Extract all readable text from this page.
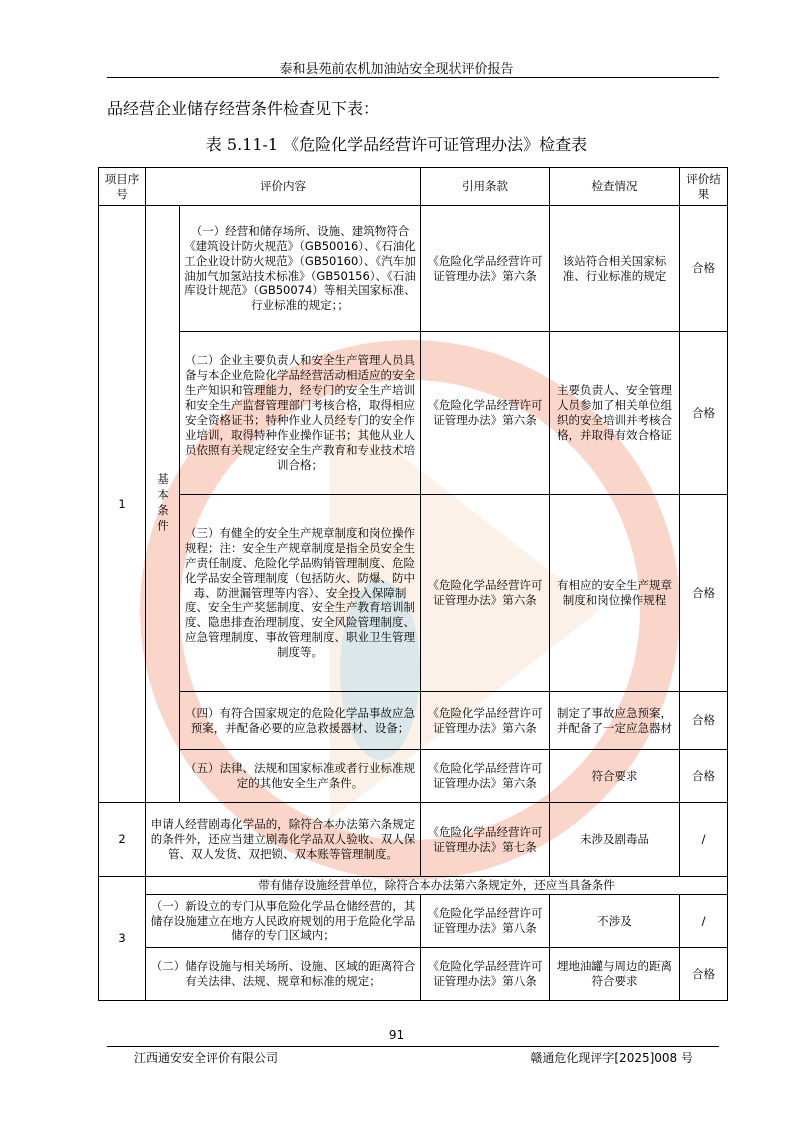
泰和县苑前农机加油站安全现状评价报告
品经营企业储存经营条件检查见下表：
表 5.11-1 《危险化学品经营许可证管理办法》检查表
项目序号	评价内容		引用条款	检查情况	评价结果
1	基本条件	（一）经营和储存场所、设施、建筑物符合《建筑设计防火规范》（GB50016）、《石油化工企业设计防火规范》（GB50160）、《汽车加油加气加氢站技术标准》（GB50156）、《石油库设计规范》（GB50074）等相关国家标准、行业标准的规定；；	《危险化学品经营许可证管理办法》第六条	该站符合相关国家标准、行业标准的规定	合格
		（二）企业主要负责人和安全生产管理人员具备与本企业危险化学品经营活动相适应的安全生产知识和管理能力，经专门的安全生产培训和安全生产监督管理部门考核合格，取得相应安全资格证书；特种作业人员经专门的安全作业培训，取得特种作业操作证书；其他从业人员依照有关规定经安全生产教育和专业技术培训合格；	《危险化学品经营许可证管理办法》第六条	主要负责人、安全管理人员参加了相关单位组织的安全培训并考核合格，并取得有效合格证	合格
		（三）有健全的安全生产规章制度和岗位操作规程；注：安全生产规章制度是指全员安全生产责任制度、危险化学品购销管理制度、危险化学品安全管理制度（包括防火、防爆、防中毒、防泄漏管理等内容）、安全投入保障制度、安全生产奖惩制度、安全生产教育培训制度、隐患排查治理制度、安全风险管理制度、应急管理制度、事故管理制度、职业卫生管理制度等。	《危险化学品经营许可证管理办法》第六条	有相应的安全生产规章制度和岗位操作规程	合格
		（四）有符合国家规定的危险化学品事故应急预案，并配备必要的应急救援器材、设备；	《危险化学品经营许可证管理办法》第六条	制定了事故应急预案，并配备了一定应急器材	合格
		（五）法律、法规和国家标准或者行业标准规定的其他安全生产条件。	《危险化学品经营许可证管理办法》第六条	符合要求	合格
2	申请人经营剧毒化学品的，除符合本办法第六条规定的条件外，还应当建立剧毒化学品双人验收、双人保管、双人发货、双把锁、双本账等管理制度。		《危险化学品经营许可证管理办法》第七条	未涉及剧毒品	/
3	带有储存设施经营单位，除符合本办法第六条规定外，还应当具备条件				
	（一）新设立的专门从事危险化学品仓储经营的，其储存设施建立在地方人民政府规划的用于危险化学品储存的专门区域内；		《危险化学品经营许可证管理办法》第八条	不涉及	/
	（二）储存设施与相关场所、设施、区域的距离符合有关法律、法规、规章和标准的规定；		《危险化学品经营许可证管理办法》第八条	埋地油罐与周边的距离符合要求	合格
91
江西通安安全评价有限公司	赣通危化现评字[2025]008 号
